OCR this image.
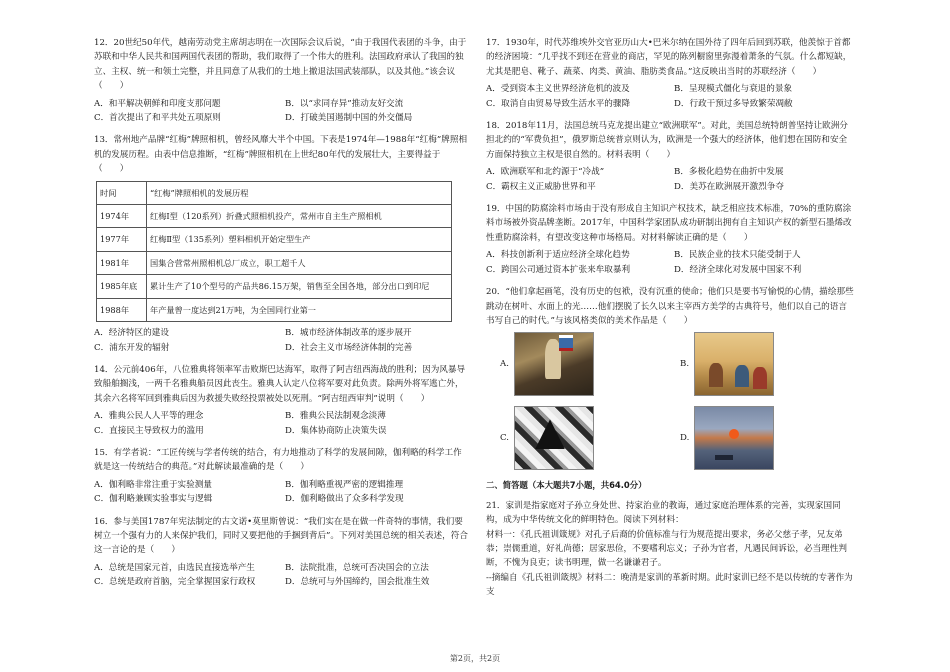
12．20世纪50年代，越南劳动党主席胡志明在一次国际会议后说，“由于我国代表团的斗争，由于苏联和中华人民共和国两国代表团的帮助，我们取得了一个伟大的胜利。法国政府承认了我国的独立、主权、统一和领土完整，并且同意了从我们的土地上撤退法国武装部队，以及其他。”该会议（　　）

A．和平解决朝鲜和印度支那问题	B．以“求同存异”推动友好交流
C．首次提出了和平共处五项原则	D．打破美国遏制中国的外交僵局

13．常州地产品牌“红梅”牌照相机，曾经风靡大半个中国。下表是1974年—1988年“红梅”牌照相机的发展历程。由表中信息推断，“红梅”牌照相机在上世纪80年代的发展壮大，主要得益于（　　）

时间	“红梅”牌照相机的发展历程
1974年	红梅Ⅰ型（120系列）折叠式照相机投产，常州市自主生产照相机
1977年	红梅Ⅱ型（135系列）塑料相机开始定型生产
1981年	国集合营常州照相机总厂成立，职工超千人
1985年底	累计生产了10个型号的产品共86.15万架，销售至全国各地，部分出口到印尼
1988年	年产量曾一度达到21万吨，为全国同行业第一
A．经济特区的建设	B．城市经济体制改革的逐步展开
C．浦东开发的辐射	D．社会主义市场经济体制的完善

14．公元前406年，八位雅典将领率军击败斯巴达海军，取得了阿吉纽西海战的胜利；因为风暴导致船舶搁浅，一两千名雅典船员因此丧生。雅典人认定八位将军要对此负责。除两外将军逃亡外，其余六名将军回到雅典后因为救援失败经投票被处以死刑。“阿吉纽西审判”说明（　　）

A．雅典公民人人平等的理念	B．雅典公民法制观念淡薄
C．直接民主导致权力的滥用	D．集体协商防止决策失误

15．有学者说：“工匠传统与学者传统的结合，有力地推动了科学的发展间隙，伽利略的科学工作就是这一传统结合的典范。”对此解读最准确的是（　　）

A．伽利略非常注重于实验测量	B．伽利略重视严密的逻辑推理
C．伽利略兼顾实验事实与逻辑	D．伽利略做出了众多科学发现

16．参与美国1787年宪法制定的古文诺•莫里斯曾说：“我们实在是在做一件奇特的事情，我们要树立一个强有力的人来保护我们，同时又要把他的手捆到背后”。下列对美国总统的相关表述，符合这一言论的是（　　）

A．总统是国家元首，由选民直接选举产生	B．法院批准，总统可否决国会的立法
C．总统是政府首脑，完全掌握国家行政权	D．总统可与外国缔约，国会批准生效

17．1930年，时代苏维埃外交官亚历山大•巴米尔纳在国外待了四年后回到苏联，他羡惊于首都的经济困境：“几乎找不到还在营业的商店，罕见的陈列橱窗里弥漫着萧条的气氛。什么都短缺，尤其是肥皂、靴子、蔬菜、肉类、黄油、脂肪类食品。”这反映出当时的苏联经济（　　）

A．受到资本主义世界经济危机的波及	B．呈现模式僵化与衰退的景象
C．取消自由贸易导致生活水平的骤降	D．行政干预过多导致繁荣凋敝

18．2018年11月，法国总统马克龙提出建立“欧洲联军”。对此，美国总统特朗普坚持让欧洲分担北约的“军费负担”，俄罗斯总统普京则认为，欧洲是一个强大的经济体，他们想在国防和安全方面保持独立主权是很自然的。材料表明（　　）

A．欧洲联军和北约源于“冷战”	B．多极化趋势在曲折中发展
C．霸权主义正威胁世界和平	D．美苏在欧洲展开激烈争夺

19．中国的防腐涂料市场由于没有形成自主知识产权技术，缺乏相应技术标准，70%的重防腐涂料市场被外资品牌垄断。2017年，中国科学家团队成功研制出拥有自主知识产权的新型石墨烯改性重防腐涂料，有望改变这种市场格局。对材料解读正确的是（　　）

A．科技创新利于适应经济全球化趋势	B．民族企业的技术只能受制于人
C．跨国公司通过资本扩张来牟取暴利	D．经济全球化对发展中国家不利

20．“他们拿起画笔，没有历史的包袱，没有沉重的使命；他们只是要书写愉悦的心情，描绘那些跳动在树叶、水面上的光……他们摆脱了长久以来主宰西方美学的古典符号，他们以自己的语言书写自己的时代。”与该风格类似的美术作品是（　　）

A.	B.
C.	D.
二、简答题（本大题共7小题，共64.0分）

21．家训是指家庭对子孙立身处世、持家治业的教诲，通过家庭治理体系的完善，实现家国同构，成为中华传统文化的鲜明特色。阅读下列材料：

材料一：《孔氏祖训箴规》对孔子后裔的价值标准与行为规范提出要求，务必父慈子孝，兄友弟恭；崇儒重道，好礼尚德；居家思俭，不要嗜利忘义；子孙为官者，凡遇民间诉讼，必当理性判断，不愧为良吏；读书明理，做一名谦谦君子。

--摘编自《孔氏祖训箴规》材料二：晚清是家训的革新时期。此时家训已经不是以传统的专著作为支

第2页，共2页
